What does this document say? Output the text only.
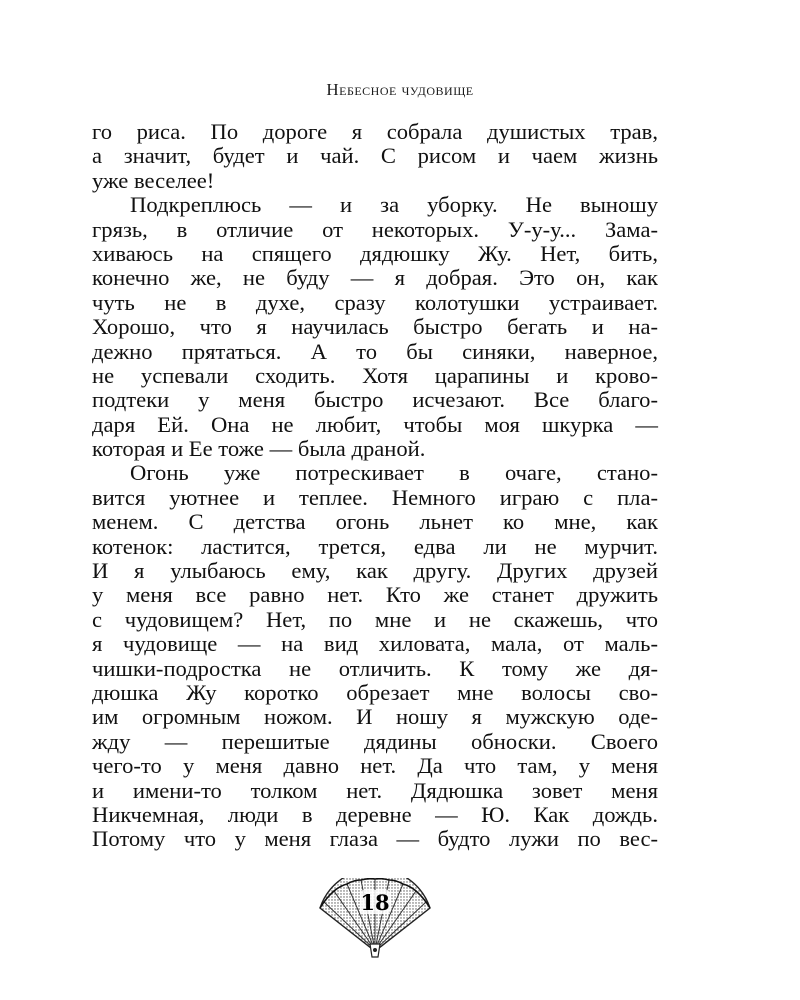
Небесное чудовище
го риса. По дороге я собрала душистых трав,
а значит, будет и чай. С рисом и чаем жизнь
уже веселее!
Подкреплюсь — и за уборку. Не выношу
грязь, в отличие от некоторых. У-у-у... Зама-
хиваюсь на спящего дядюшку Жу. Нет, бить,
конечно же, не буду — я добрая. Это он, как
чуть не в духе, сразу колотушки устраивает.
Хорошо, что я научилась быстро бегать и на-
дежно прятаться. А то бы синяки, наверное,
не успевали сходить. Хотя царапины и крово-
подтеки у меня быстро исчезают. Все благо-
даря Ей. Она не любит, чтобы моя шкурка —
которая и Ее тоже — была драной.
Огонь уже потрескивает в очаге, стано-
вится уютнее и теплее. Немного играю с пла-
менем. С детства огонь льнет ко мне, как
котенок: ластится, трется, едва ли не мурчит.
И я улыбаюсь ему, как другу. Других друзей
у меня все равно нет. Кто же станет дружить
с чудовищем? Нет, по мне и не скажешь, что
я чудовище — на вид хиловата, мала, от маль-
чишки-подростка не отличить. К тому же дя-
дюшка Жу коротко обрезает мне волосы сво-
им огромным ножом. И ношу я мужскую оде-
жду — перешитые дядины обноски. Своего
чего-то у меня давно нет. Да что там, у меня
и имени-то толком нет. Дядюшка зовет меня
Никчемная, люди в деревне — Ю. Как дождь.
Потому что у меня глаза — будто лужи по вес-
18
